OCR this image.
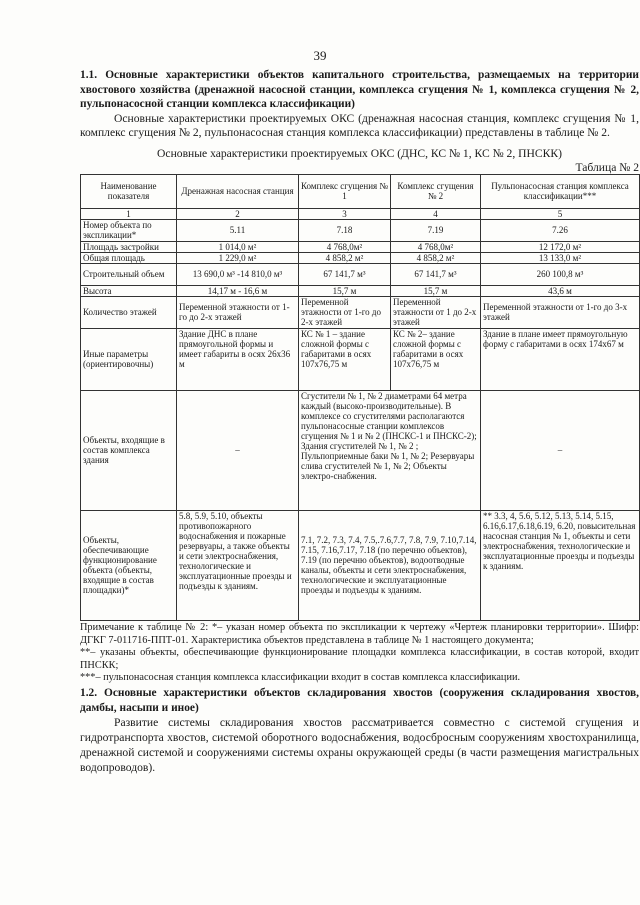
39

1.1. Основные характеристики объектов капитального строительства, размещаемых на территории хвостового хозяйства (дренажной насосной станции, комплекса сгущения № 1, комплекса сгущения № 2, пульпонасосной станции комплекса классификации)

Основные характеристики проектируемых ОКС (дренажная насосная станция, комплекс сгущения № 1, комплекс сгущения № 2, пульпонасосная станция комплекса классификации) представлены в таблице № 2.

Основные характеристики проектируемых ОКС (ДНС, КС № 1, КС № 2, ПНСКК)
Таблица № 2
Наименование показателя	Дренажная насосная станция	Комплекс сгущения № 1	Комплекс сгущения № 2	Пульпонасосная станция комплекса классификации***
1	2	3	4	5
Номер объекта по экспликации*	5.11	7.18	7.19	7.26
Площадь застройки	1 014,0 м²	4 768,0м²	4 768,0м²	12 172,0 м²
Общая площадь	1 229,0 м²	4 858,2 м²	4 858,2 м²	13 133,0 м²
Строительный объем	13 690,0 м³ -14 810,0 м³	67 141,7 м³	67 141,7 м³	260 100,8 м³
Высота	14,17 м - 16,6 м	15,7 м	15,7 м	43,6 м
Количество этажей	Переменной этажности от 1-го до 2-х этажей	Переменной этажности от 1-го до 2-х этажей	Переменной этажности от 1 до 2-х этажей	Переменной этажности от 1-го до 3-х этажей
Иные параметры (ориентировочны)	Здание ДНС в плане прямоугольной формы и имеет габариты в осях 26х36 м	КС № 1 – здание сложной формы с габаритами в осях 107х76,75 м	КС № 2– здание сложной формы с габаритами в осях 107х76,75 м	Здание в плане имеет прямоугольную форму с габаритами в осях 174х67 м
Объекты, входящие в состав комплекса здания	–	Сгустители № 1, № 2 диаметрами 64 метра каждый (высоко-производительные). В комплексе со сгустителями располагаются пульпонасосные станции комплексов сгущения № 1 и № 2 (ПНСКС-1 и ПНСКС-2); Здания сгустителей № 1, № 2 ; Пульпоприемные баки № 1, № 2; Резервуары слива сгустителей № 1, № 2; Объекты электро-снабжения.		–
Объекты, обеспечивающие функционирование объекта (объекты, входящие в состав площадки)*	5.8, 5.9, 5.10, объекты противопожарного водоснабжения и пожарные резервуары, а также объекты и сети электроснабжения, технологические и эксплуатационные проезды и подъезды к зданиям.	7.1, 7.2, 7.3, 7.4, 7.5,.7.6,7.7, 7.8, 7.9, 7.10,7.14, 7.15, 7.16,7.17, 7.18 (по перечню объектов), 7.19 (по перечню объектов), водоотводные каналы, объекты и сети электроснабжения, технологические и эксплуатационные проезды и подъезды к зданиям.		** 3.3, 4, 5.6, 5.12, 5.13, 5.14, 5.15, 6.16,6.17,6.18,6.19, 6.20, повысительная насосная станция № 1, объекты и сети электроснабжения, технологические и эксплуатационные проезды и подъезды к зданиям.
Примечание к таблице № 2: *– указан номер объекта по экспликации к чертежу «Чертеж планировки территории». Шифр: ДГКГ 7-011716-ППТ-01. Характеристика объектов представлена в таблице № 1 настоящего документа;
**– указаны объекты, обеспечивающие функционирование площадки комплекса классификации, в состав которой, входит ПНСКК;
***– пульпонасосная станция комплекса классификации входит в состав комплекса классификации.
1.2. Основные характеристики объектов складирования хвостов (сооружения складирования хвостов, дамбы, насыпи и иное)
Развитие системы складирования хвостов рассматривается совместно с системой сгущения и гидротранспорта хвостов, системой оборотного водоснабжения, водосбросным сооружениям хвостохранилища, дренажной системой и сооружениями системы охраны окружающей среды (в части размещения магистральных водопроводов).
